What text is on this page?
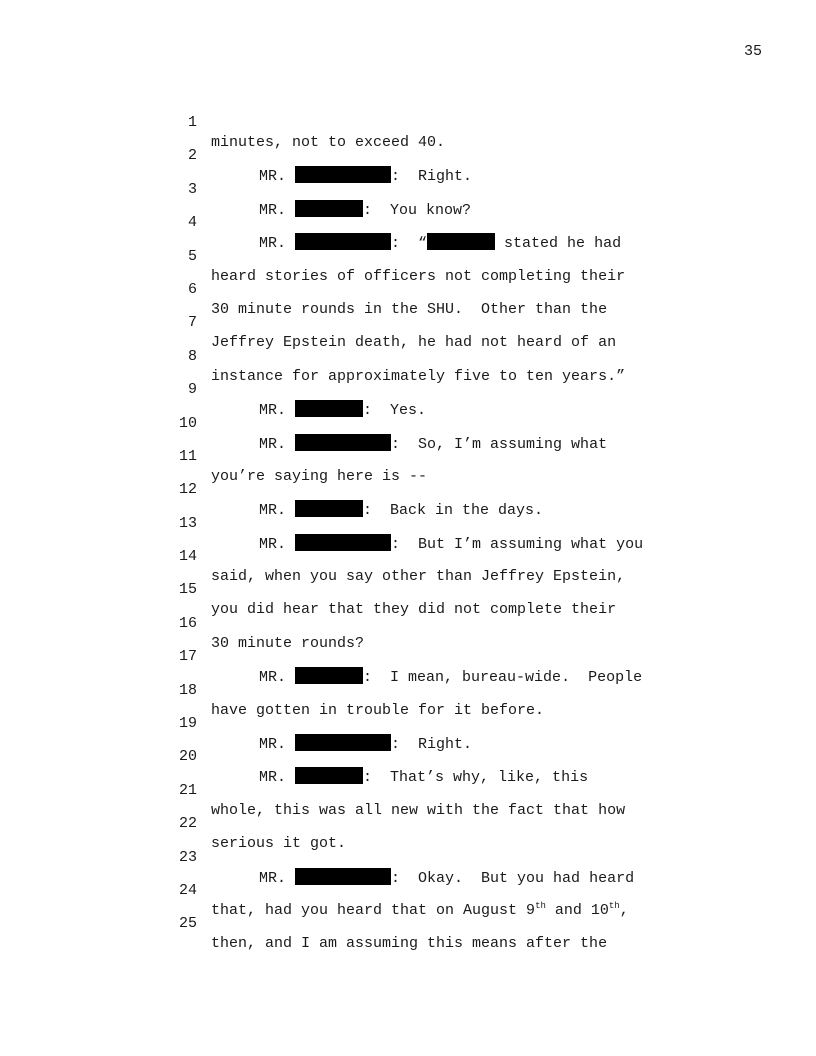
35

1

minutes, not to exceed 40.

2

MR.	:  Right.

3

MR.	:  You know?

4

MR.	:  “	stated he had

5

heard stories of officers not completing their

6

30 minute rounds in the SHU.  Other than the

7

Jeffrey Epstein death, he had not heard of an

8

instance for approximately five to ten years.”

9

MR.	:  Yes.

10

MR.	:  So, I’m assuming what

11

you’re saying here is --

12

MR.	:  Back in the days.

13

MR.	:  But I’m assuming what you

14

said, when you say other than Jeffrey Epstein,

15

you did hear that they did not complete their

16

30 minute rounds?

17

MR.	:  I mean, bureau-wide.  People

18

have gotten in trouble for it before.

19

MR.	:  Right.

20

MR.	:  That’s why, like, this

21

whole, this was all new with the fact that how

22

serious it got.

23

MR.	:  Okay.  But you had heard

24

that, had you heard that on August 9th and 10th,

25

then, and I am assuming this means after the
